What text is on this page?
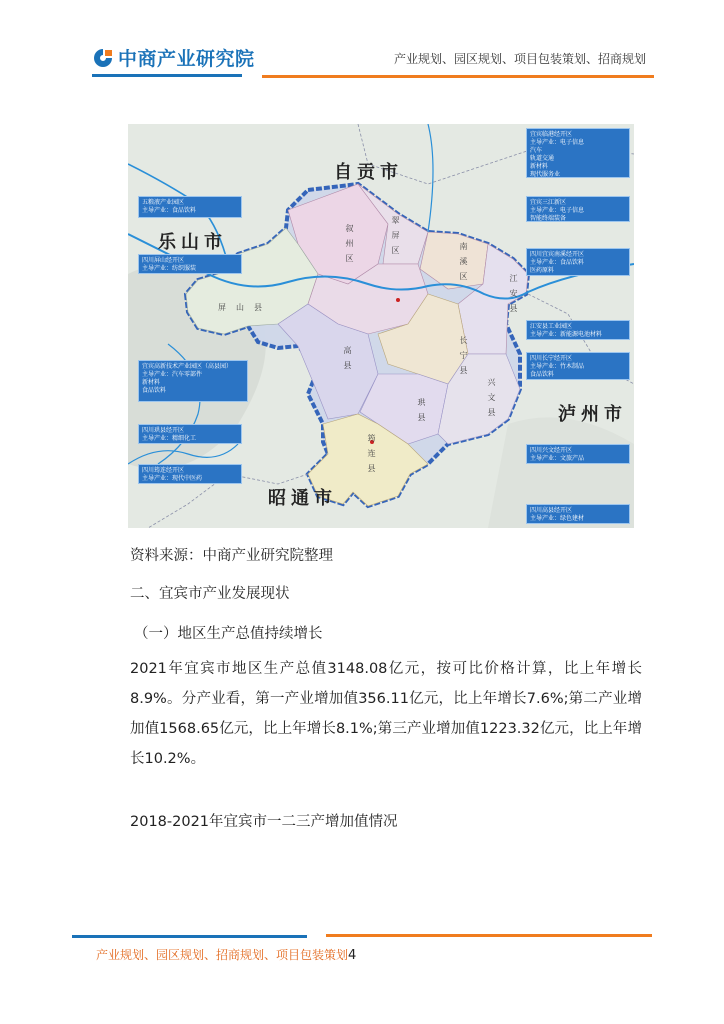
中商产业研究院	产业规划、园区规划、项目包装策划、招商规划
自贡市
乐山市
泸州市
昭通市
叙州区	翠屏区
南溪区
江安县
屏山县
高县	长宁县
珙县	兴文县
筠连县
宜宾临港经开区
主导产业：电子信息
汽车
轨道交通
新材料
现代服务业
五粮液产业园区
主导产业：食品饮料
宜宾三江新区
主导产业：电子信息
智能终端装备
四川屏山经开区
主导产业：纺织服装
四川宜宾南溪经开区
主导产业：食品饮料
医药原料
江安县工业园区
主导产业：新能源电池材料
四川长宁经开区
主导产业：竹木制品
食品饮料
宜宾高新技术产业园区（高县园）
主导产业：汽车零部件
新材料
食品饮料
四川珙县经开区
主导产业：精细化工
四川兴文经开区
主导产业：文旅产品
四川筠连经开区
主导产业：现代中医药
四川高县经开区
主导产业：绿色建材
资料来源：中商产业研究院整理
二、宜宾市产业发展现状
（一）地区生产总值持续增长
2021年宜宾市地区生产总值3148.08亿元，按可比价格计算，比上年增长8.9%。分产业看，第一产业增加值356.11亿元，比上年增长7.6%;第二产业增加值1568.65亿元，比上年增长8.1%;第三产业增加值1223.32亿元，比上年增长10.2%。
2018-2021年宜宾市一二三产增加值情况
产业规划、园区规划、招商规划、项目包装策划4
